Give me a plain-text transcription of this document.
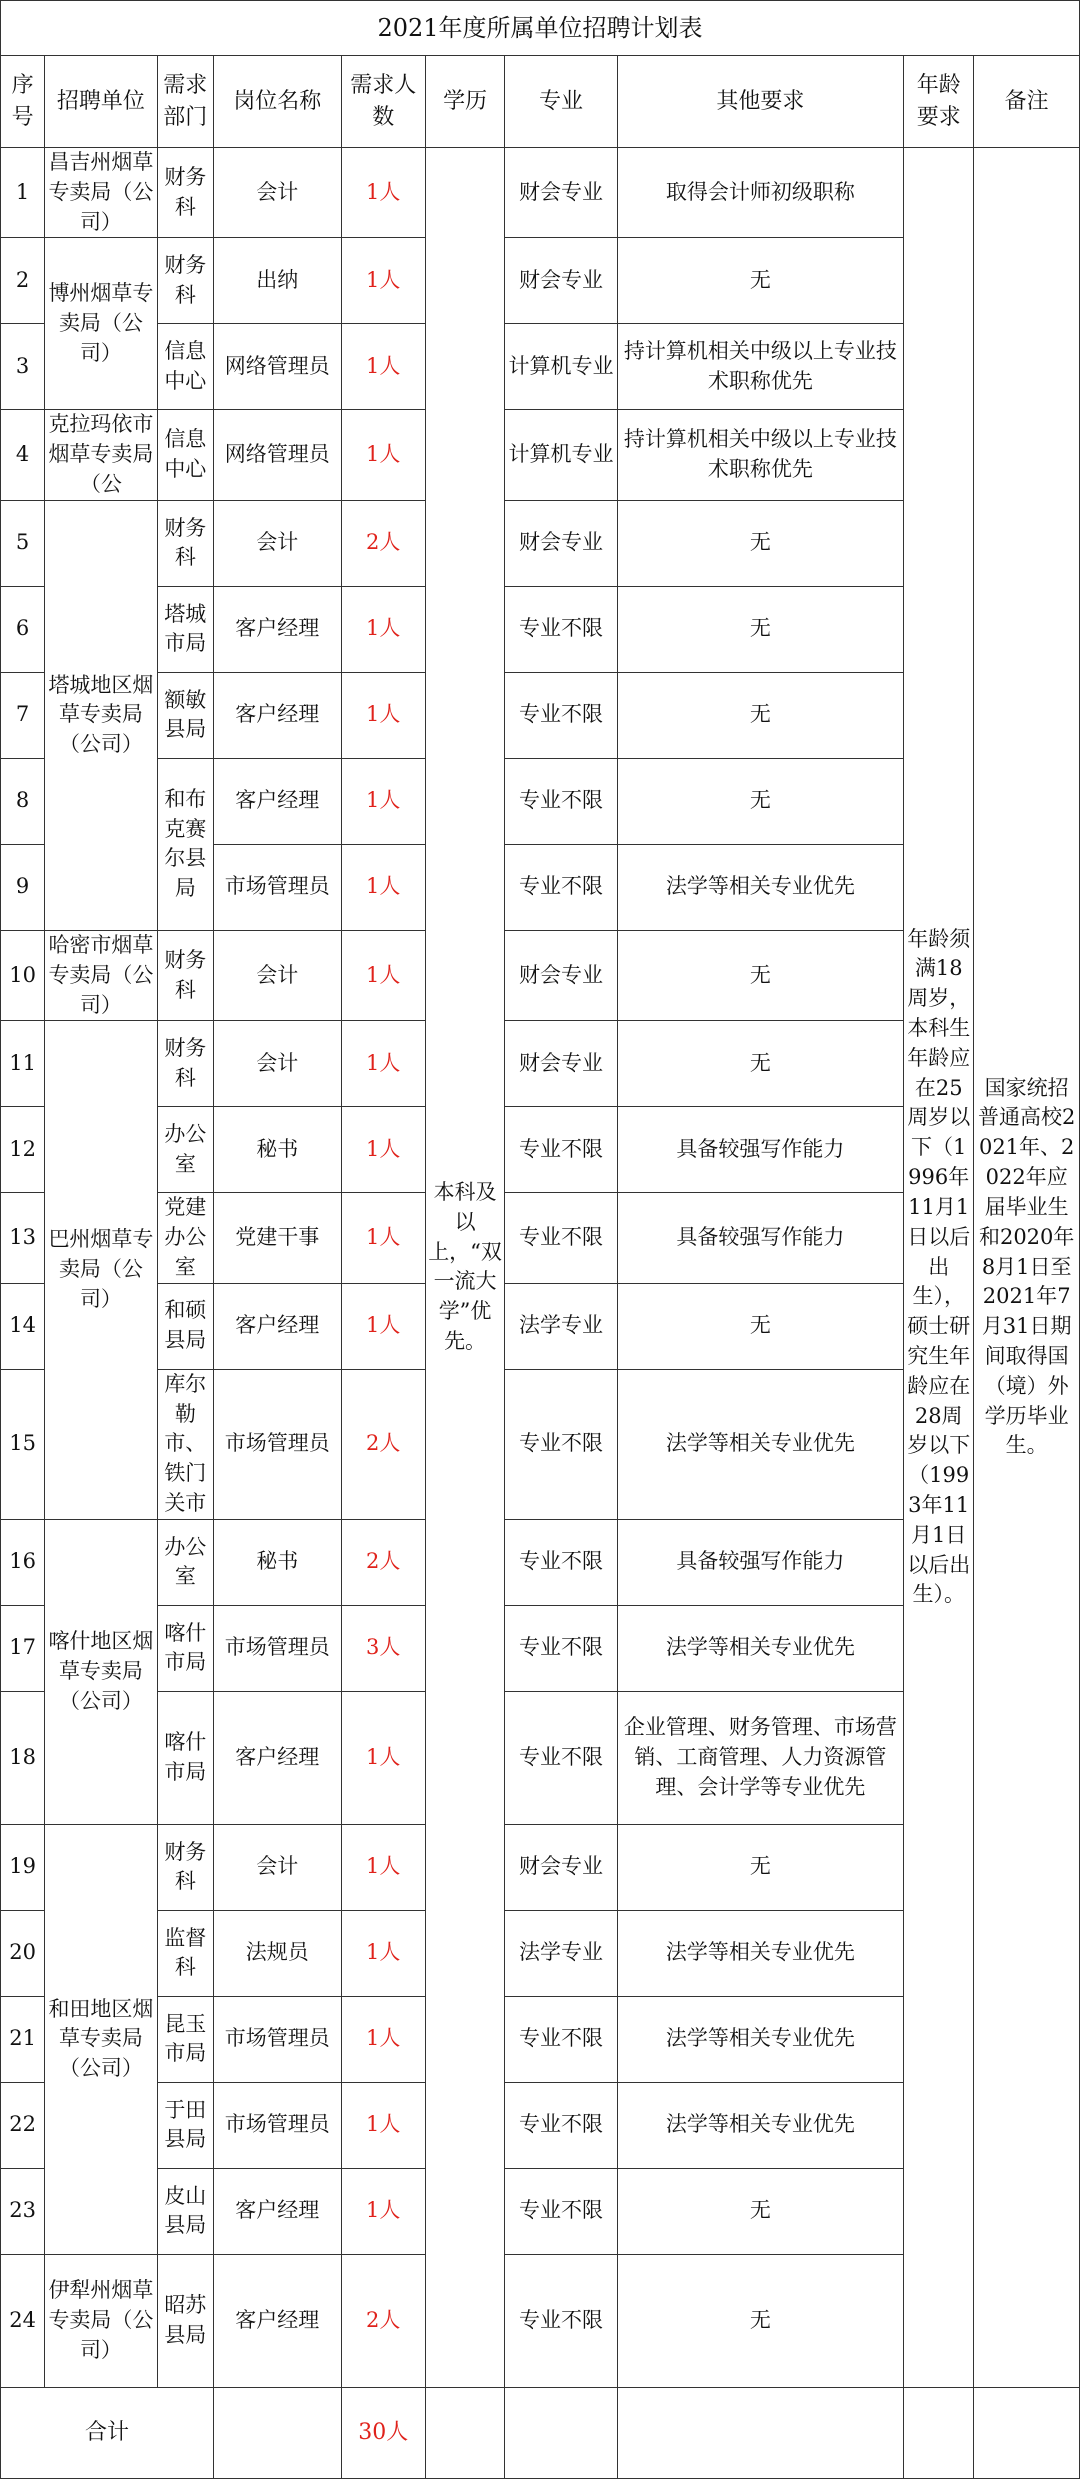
2021年度所属单位招聘计划表									
序号	招聘单位	需求部门	岗位名称	需求人数	学历	专业	其他要求	年龄要求	备注
1	昌吉州烟草专卖局（公司）	财务科	会计	1人	本科及以上，“双一流大学”优先。	财会专业	取得会计师初级职称	年龄须满18周岁，本科生年龄应在25周岁以下（1996年11月1日以后出生），硕士研究生年龄应在28周岁以下（1993年11月1日以后出生）。	国家统招普通高校2021年、2022年应届毕业生和2020年8月1日至2021年7月31日期间取得国（境）外学历毕业生。
2	博州烟草专卖局（公司）	财务科	出纳	1人		财会专业	无		
3		信息中心	网络管理员	1人		计算机专业	持计算机相关中级以上专业技术职称优先		
4	克拉玛依市烟草专卖局（公	信息中心	网络管理员	1人		计算机专业	持计算机相关中级以上专业技术职称优先		
5	塔城地区烟草专卖局（公司）	财务科	会计	2人		财会专业	无		
6		塔城市局	客户经理	1人		专业不限	无		
7		额敏县局	客户经理	1人		专业不限	无		
8		和布克赛尔县局	客户经理	1人		专业不限	无		
9			市场管理员	1人		专业不限	法学等相关专业优先		
10	哈密市烟草专卖局（公司）	财务科	会计	1人		财会专业	无		
11	巴州烟草专卖局（公司）	财务科	会计	1人		财会专业	无		
12		办公室	秘书	1人		专业不限	具备较强写作能力		
13		党建办公室	党建干事	1人		专业不限	具备较强写作能力		
14		和硕县局	客户经理	1人		法学专业	无		
15		库尔勒市、铁门关市	市场管理员	2人		专业不限	法学等相关专业优先		
16	喀什地区烟草专卖局（公司）	办公室	秘书	2人		专业不限	具备较强写作能力		
17		喀什市局	市场管理员	3人		专业不限	法学等相关专业优先		
18		喀什市局	客户经理	1人		专业不限	企业管理、财务管理、市场营销、工商管理、人力资源管理、会计学等专业优先		
19	和田地区烟草专卖局（公司）	财务科	会计	1人		财会专业	无		
20		监督科	法规员	1人		法学专业	法学等相关专业优先		
21		昆玉市局	市场管理员	1人		专业不限	法学等相关专业优先		
22		于田县局	市场管理员	1人		专业不限	法学等相关专业优先		
23		皮山县局	客户经理	1人		专业不限	无		
24	伊犁州烟草专卖局（公司）	昭苏县局	客户经理	2人		专业不限	无		
合计				30人					
